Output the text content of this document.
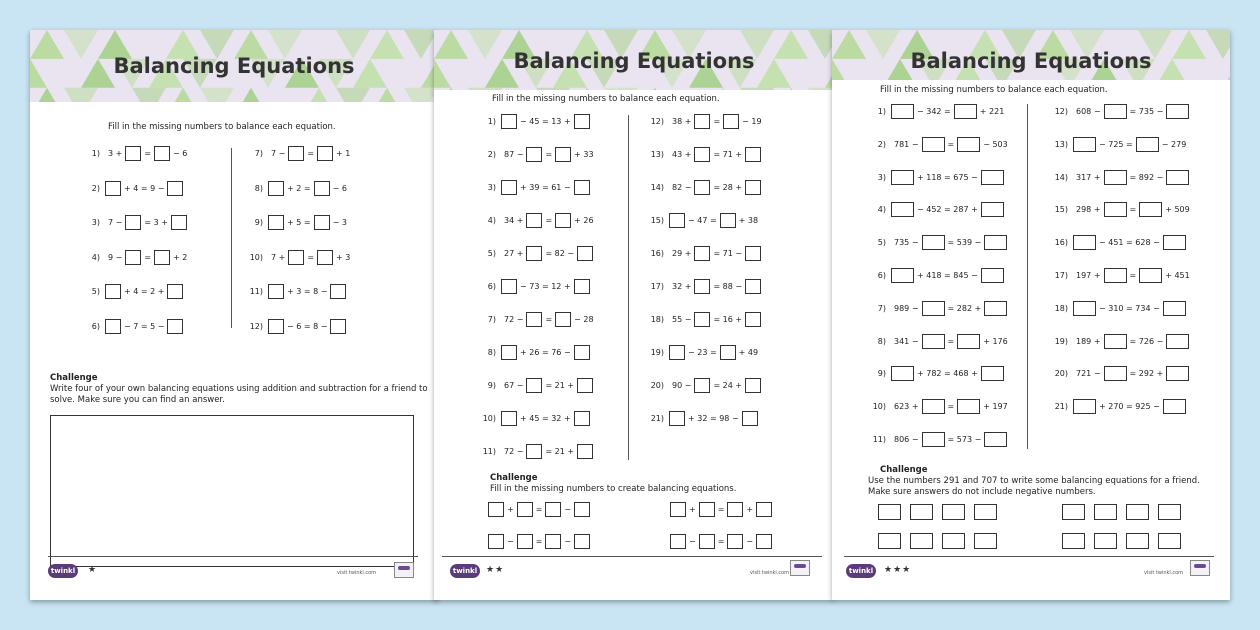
Balancing Equations
Fill in the missing numbers to balance each equation.
Challenge
Write four of your own balancing equations using addition and subtraction for a friend to
solve. Make sure you can find an answer.
twinkl	★	visit twinkl.com
1) 3 +	=	− 6
2)	+ 4 = 9 −
3) 7 −	= 3 +
4) 9 −	=	+ 2
5)	+ 4 = 2 +
6)	− 7 = 5 −
7) 7 −	=	+ 1
8)	+ 2 =	− 6
9)	+ 5 =	− 3
10) 7 +	=	+ 3
11)	+ 3 = 8 −
12)	− 6 = 8 −
Balancing Equations
Fill in the missing numbers to balance each equation.
Challenge
Fill in the missing numbers to create balancing equations.
twinkl ★★	visit twinkl.com
1)	− 45 = 13 +
2) 87 −	=	+ 33
3)	+ 39 = 61 −
4) 34 +	=	+ 26
5) 27 +	= 82 −
6)	− 73 = 12 +
7) 72 −	=	− 28
8)	+ 26 = 76 −
9) 67 −	= 21 +
10)	+ 45 = 32 +
11) 72 −	= 21 +
12) 38 +	=	− 19
13) 43 +	= 71 +
14) 82 −	= 28 +
15)	− 47 =	+ 38
16) 29 +	= 71 −
17) 32 +	= 88 −
18) 55 −	= 16 +
19)	− 23 =	+ 49
20) 90 −	= 24 +
21)	+ 32 = 98 −
+	=	−
−	=	−
+	=	+
−	=	−
Balancing Equations
Fill in the missing numbers to balance each equation.
Challenge
Use the numbers 291 and 707 to write some balancing equations for a friend.
Make sure answers do not include negative numbers.
twinkl	★★★	visit twinkl.com
1)	− 342 =	+ 221
2) 781 −	=	− 503
3)	+ 118 = 675 −
4)	− 452 = 287 +
5) 735 −	= 539 −
6)	+ 418 = 845 −
7) 989 −	= 282 +
8) 341 −	=	+ 176
9)	+ 782 = 468 +
10) 623 +	=	+ 197
11) 806 −	= 573 −
12) 608 −	= 735 −
13)	− 725 =	− 279
14) 317 +	= 892 −
15) 298 +	=	+ 509
16)	− 451 = 628 −
17) 197 +	=	+ 451
18)	− 310 = 734 −
19) 189 +	= 726 −
20) 721 −	= 292 +
21)	+ 270 = 925 −
